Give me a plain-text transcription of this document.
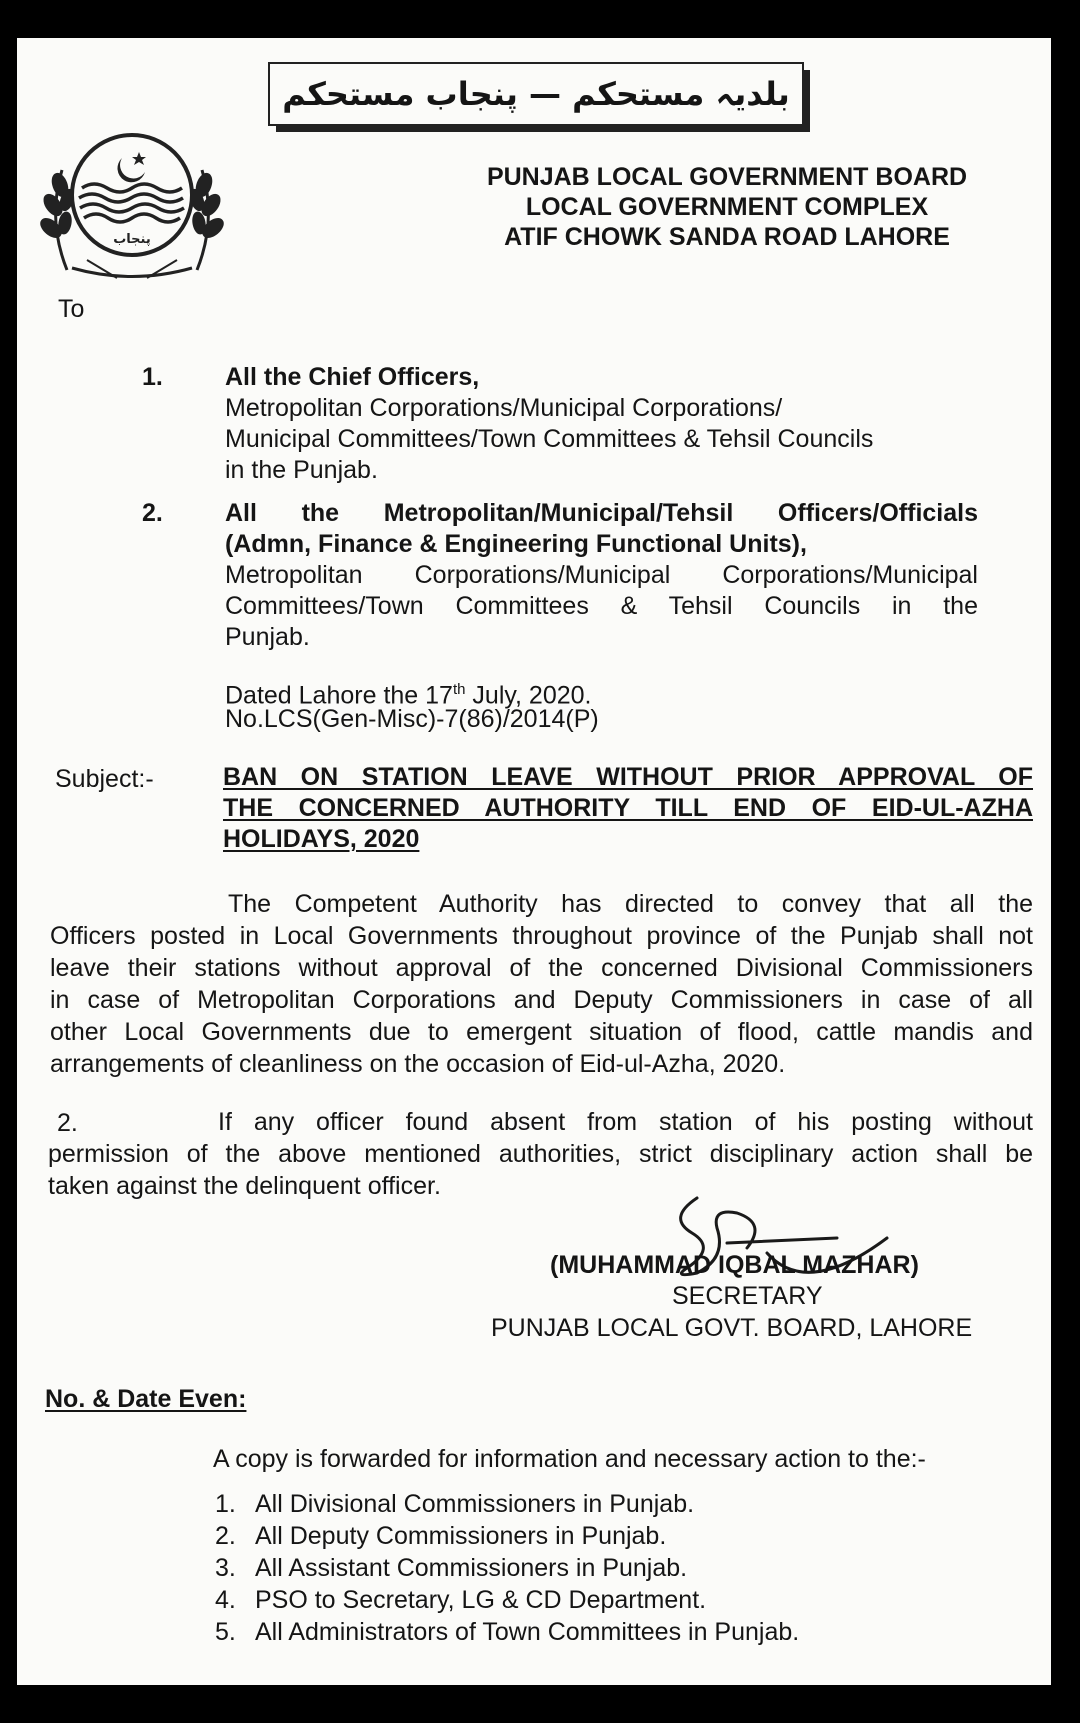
بلدیہ مستحکم — پنجاب مستحکم
پنجاب
PUNJAB LOCAL GOVERNMENT BOARD
LOCAL GOVERNMENT COMPLEX
ATIF CHOWK SANDA ROAD LAHORE
To
1. All the Chief Officers,
Metropolitan Corporations/Municipal Corporations/
Municipal Committees/Town Committees & Tehsil Councils
in the Punjab.
2. All the Metropolitan/Municipal/Tehsil Officers/Officials
(Admn, Finance & Engineering Functional Units),
Metropolitan Corporations/Municipal Corporations/Municipal
Committees/Town Committees & Tehsil Councils in the
Punjab.
Dated Lahore the 17th July, 2020.
No.LCS(Gen-Misc)-7(86)/2014(P)
Subject:-	BAN ON STATION LEAVE WITHOUT PRIOR APPROVAL OF
THE CONCERNED AUTHORITY TILL END OF EID-UL-AZHA
HOLIDAYS, 2020
The Competent Authority has directed to convey that all the
Officers posted in Local Governments throughout province of the Punjab shall not
leave their stations without approval of the concerned Divisional Commissioners
in case of Metropolitan Corporations and Deputy Commissioners in case of all
other Local Governments due to emergent situation of flood, cattle mandis and
arrangements of cleanliness on the occasion of Eid-ul-Azha, 2020.
2.	If any officer found absent from station of his posting without
permission of the above mentioned authorities, strict disciplinary action shall be
taken against the delinquent officer.
(MUHAMMAD IQBAL MAZHAR)
SECRETARY
PUNJAB LOCAL GOVT. BOARD, LAHORE
No. & Date Even:
A copy is forwarded for information and necessary action to the:-
1. All Divisional Commissioners in Punjab.
2. All Deputy Commissioners in Punjab.
3. All Assistant Commissioners in Punjab.
4. PSO to Secretary, LG & CD Department.
5. All Administrators of Town Committees in Punjab.
